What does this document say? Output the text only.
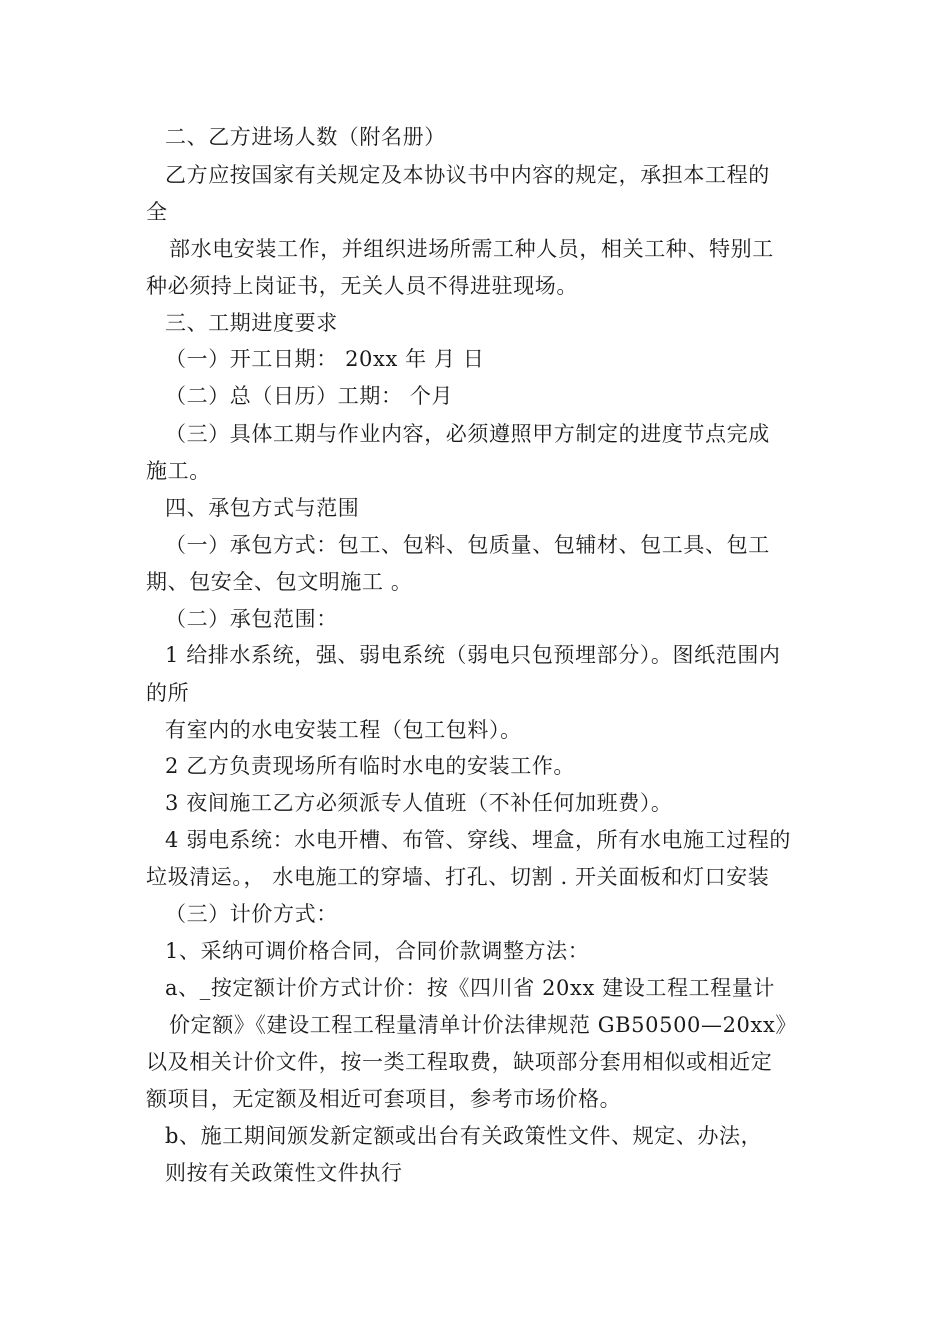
二、乙方进场人数（附名册）
乙方应按国家有关规定及本协议书中内容的规定，承担本工程的
全
部水电安装工作，并组织进场所需工种人员，相关工种、特别工
种必须持上岗证书，无关人员不得进驻现场。
三、工期进度要求
（一）开工日期： 20xx 年 月 日
（二）总（日历）工期： 个月
（三）具体工期与作业内容，必须遵照甲方制定的进度节点完成
施工。
四、承包方式与范围
（一）承包方式：包工、包料、包质量、包辅材、包工具、包工
期、包安全、包文明施工 。
（二）承包范围：
1 给排水系统，强、弱电系统（弱电只包预埋部分）。图纸范围内
的所
有室内的水电安装工程（包工包料）。
2 乙方负责现场所有临时水电的安装工作。
3 夜间施工乙方必须派专人值班（不补任何加班费）。
4 弱电系统：水电开槽、布管、穿线、埋盒，所有水电施工过程的
垃圾清运。， 水电施工的穿墙、打孔、切割 . 开关面板和灯口安装
（三）计价方式：
1、采纳可调价格合同，合同价款调整方法：
a、_按定额计价方式计价：按《四川省 20xx 建设工程工程量计
价定额》《建设工程工程量清单计价法律规范 GB50500—20xx》
以及相关计价文件，按一类工程取费，缺项部分套用相似或相近定
额项目，无定额及相近可套项目，参考市场价格。
b、施工期间颁发新定额或出台有关政策性文件、规定、办法，
则按有关政策性文件执行
